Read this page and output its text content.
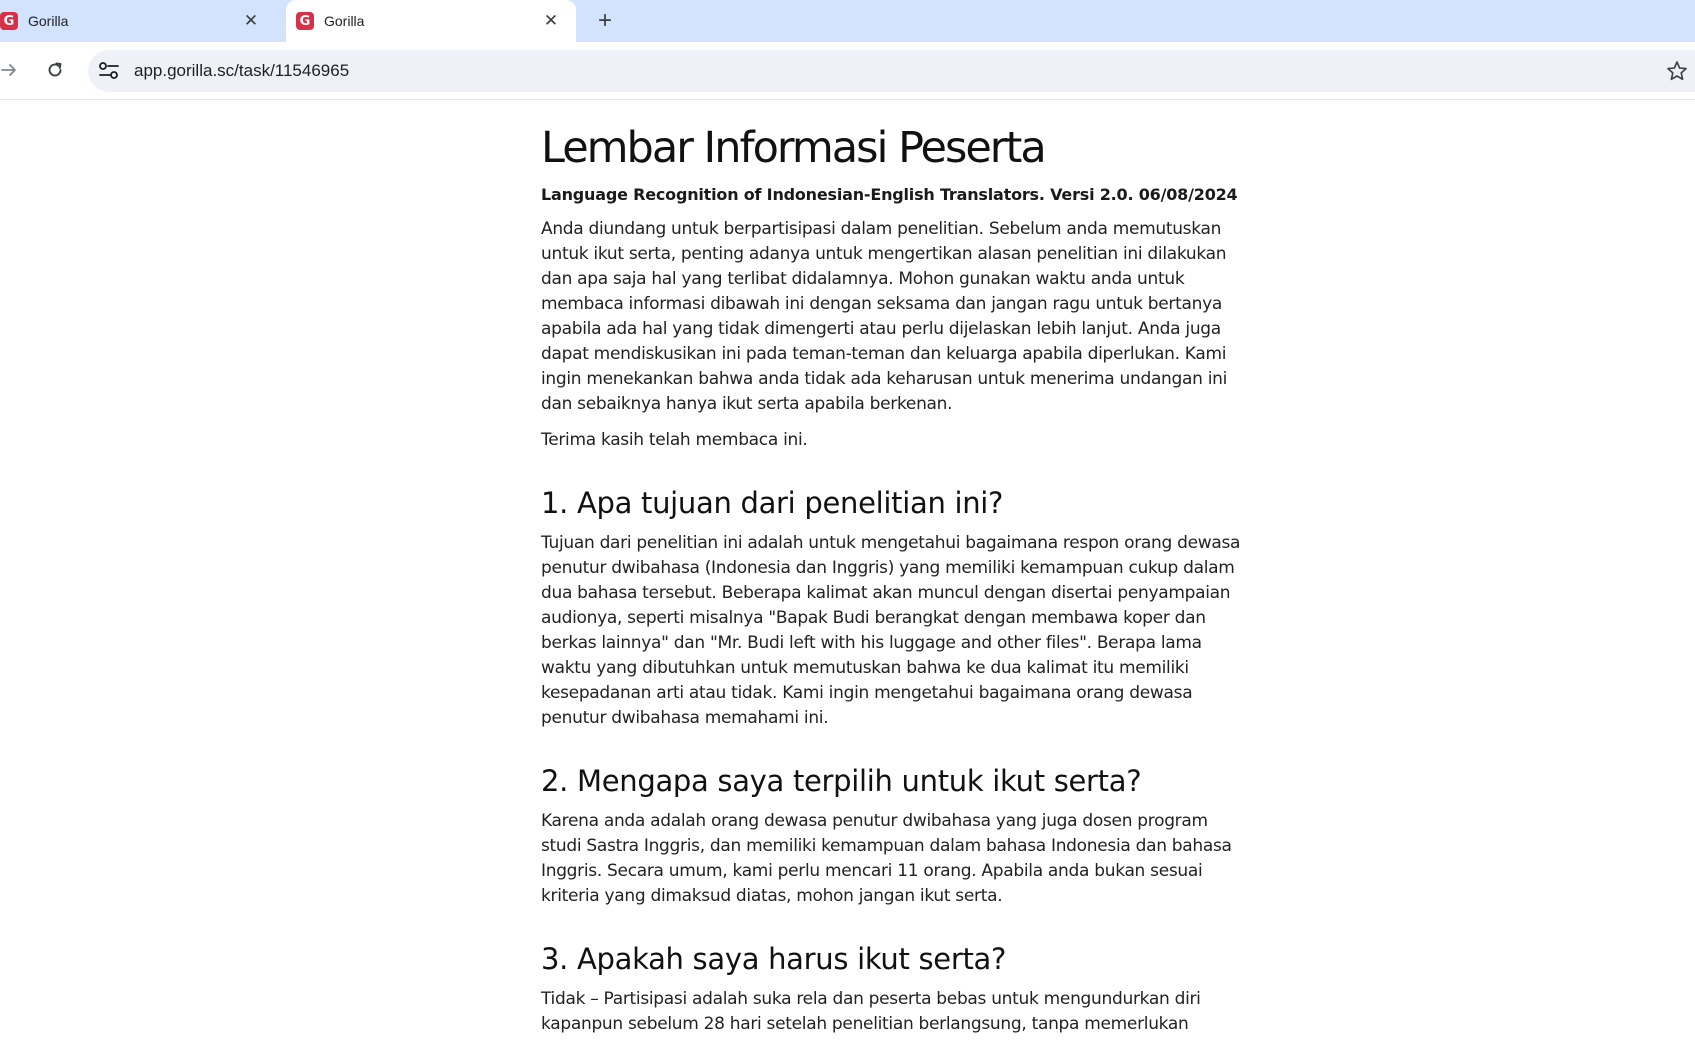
G Gorilla	✕	G Gorilla	✕	+
app.gorilla.sc/task/11546965
Lembar Informasi Peserta
Language Recognition of Indonesian-English Translators. Versi 2.0. 06/08/2024

Anda diundang untuk berpartisipasi dalam penelitian. Sebelum anda memutuskan untuk ikut serta, penting adanya untuk mengertikan alasan penelitian ini dilakukan dan apa saja hal yang terlibat didalamnya. Mohon gunakan waktu anda untuk membaca informasi dibawah ini dengan seksama dan jangan ragu untuk bertanya apabila ada hal yang tidak dimengerti atau perlu dijelaskan lebih lanjut. Anda juga dapat mendiskusikan ini pada teman-teman dan keluarga apabila diperlukan. Kami ingin menekankan bahwa anda tidak ada keharusan untuk menerima undangan ini dan sebaiknya hanya ikut serta apabila berkenan.

Terima kasih telah membaca ini.

1. Apa tujuan dari penelitian ini?

Tujuan dari penelitian ini adalah untuk mengetahui bagaimana respon orang dewasa penutur dwibahasa (Indonesia dan Inggris) yang memiliki kemampuan cukup dalam dua bahasa tersebut. Beberapa kalimat akan muncul dengan disertai penyampaian audionya, seperti misalnya "Bapak Budi berangkat dengan membawa koper dan berkas lainnya" dan "Mr. Budi left with his luggage and other files". Berapa lama waktu yang dibutuhkan untuk memutuskan bahwa ke dua kalimat itu memiliki kesepadanan arti atau tidak. Kami ingin mengetahui bagaimana orang dewasa penutur dwibahasa memahami ini.

2. Mengapa saya terpilih untuk ikut serta?

Karena anda adalah orang dewasa penutur dwibahasa yang juga dosen program studi Sastra Inggris, dan memiliki kemampuan dalam bahasa Indonesia dan bahasa Inggris. Secara umum, kami perlu mencari 11 orang. Apabila anda bukan sesuai kriteria yang dimaksud diatas, mohon jangan ikut serta.

3. Apakah saya harus ikut serta?

Tidak – Partisipasi adalah suka rela dan peserta bebas untuk mengundurkan diri kapanpun sebelum 28 hari setelah penelitian berlangsung, tanpa memerlukan
